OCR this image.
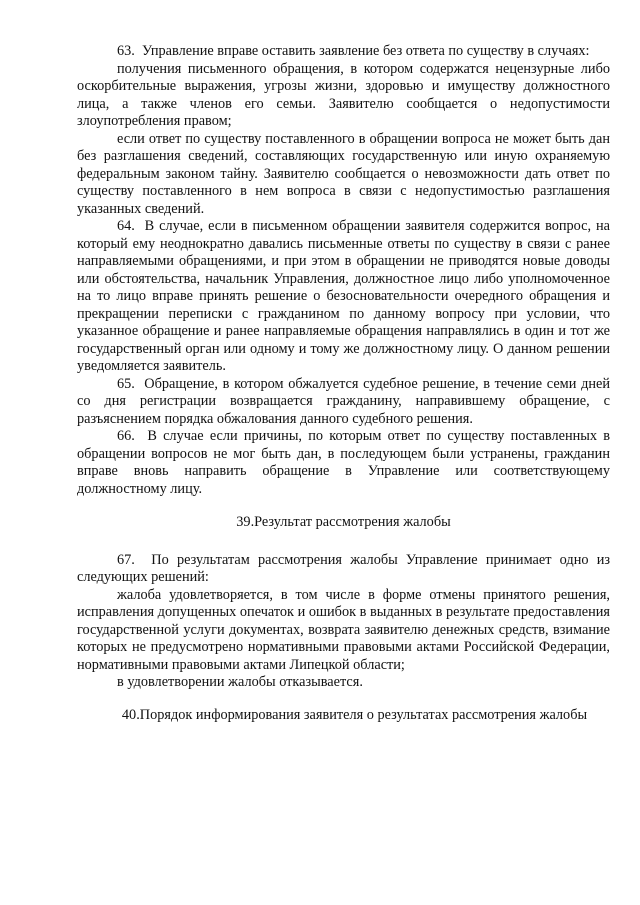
63.  Управление вправе оставить заявление без ответа по существу в случаях:

получения письменного обращения, в котором содержатся нецензурные либо оскорбительные выражения, угрозы жизни, здоровью и имуществу должностного лица, а также членов его семьи. Заявителю сообщается о недопустимости злоупотребления правом;

если ответ по существу поставленного в обращении вопроса не может быть дан без разглашения сведений, составляющих государственную или иную охраняемую федеральным законом тайну. Заявителю сообщается о невозможности дать ответ по существу поставленного в нем вопроса в связи с недопустимостью разглашения указанных сведений.

64.  В случае, если в письменном обращении заявителя содержится вопрос, на который ему неоднократно давались письменные ответы по существу в связи с ранее направляемыми обращениями, и при этом в обращении не приводятся новые доводы или обстоятельства, начальник Управления, должностное лицо либо уполномоченное на то лицо вправе принять решение о безосновательности очередного обращения и прекращении переписки с гражданином по данному вопросу при условии, что указанное обращение и ранее направляемые обращения направлялись в один и тот же государственный орган или одному и тому же должностному лицу. О данном решении уведомляется заявитель.

65.  Обращение, в котором обжалуется судебное решение, в течение семи дней со дня регистрации возвращается гражданину, направившему обращение, с разъяснением порядка обжалования данного судебного решения.

66.  В случае если причины, по которым ответ по существу поставленных в обращении вопросов не мог быть дан, в последующем были устранены, гражданин вправе вновь направить обращение в Управление или соответствующему должностному лицу.

39.Результат рассмотрения жалобы

67.  По результатам рассмотрения жалобы Управление принимает одно из следующих решений:

жалоба удовлетворяется, в том числе в форме отмены принятого решения, исправления допущенных опечаток и ошибок в выданных в результате предоставления государственной услуги документах, возврата заявителю денежных средств, взимание которых не предусмотрено нормативными правовыми актами Российской Федерации, нормативными правовыми актами Липецкой области;

в удовлетворении жалобы отказывается.

40.Порядок информирования заявителя о результатах рассмотрения жалобы
